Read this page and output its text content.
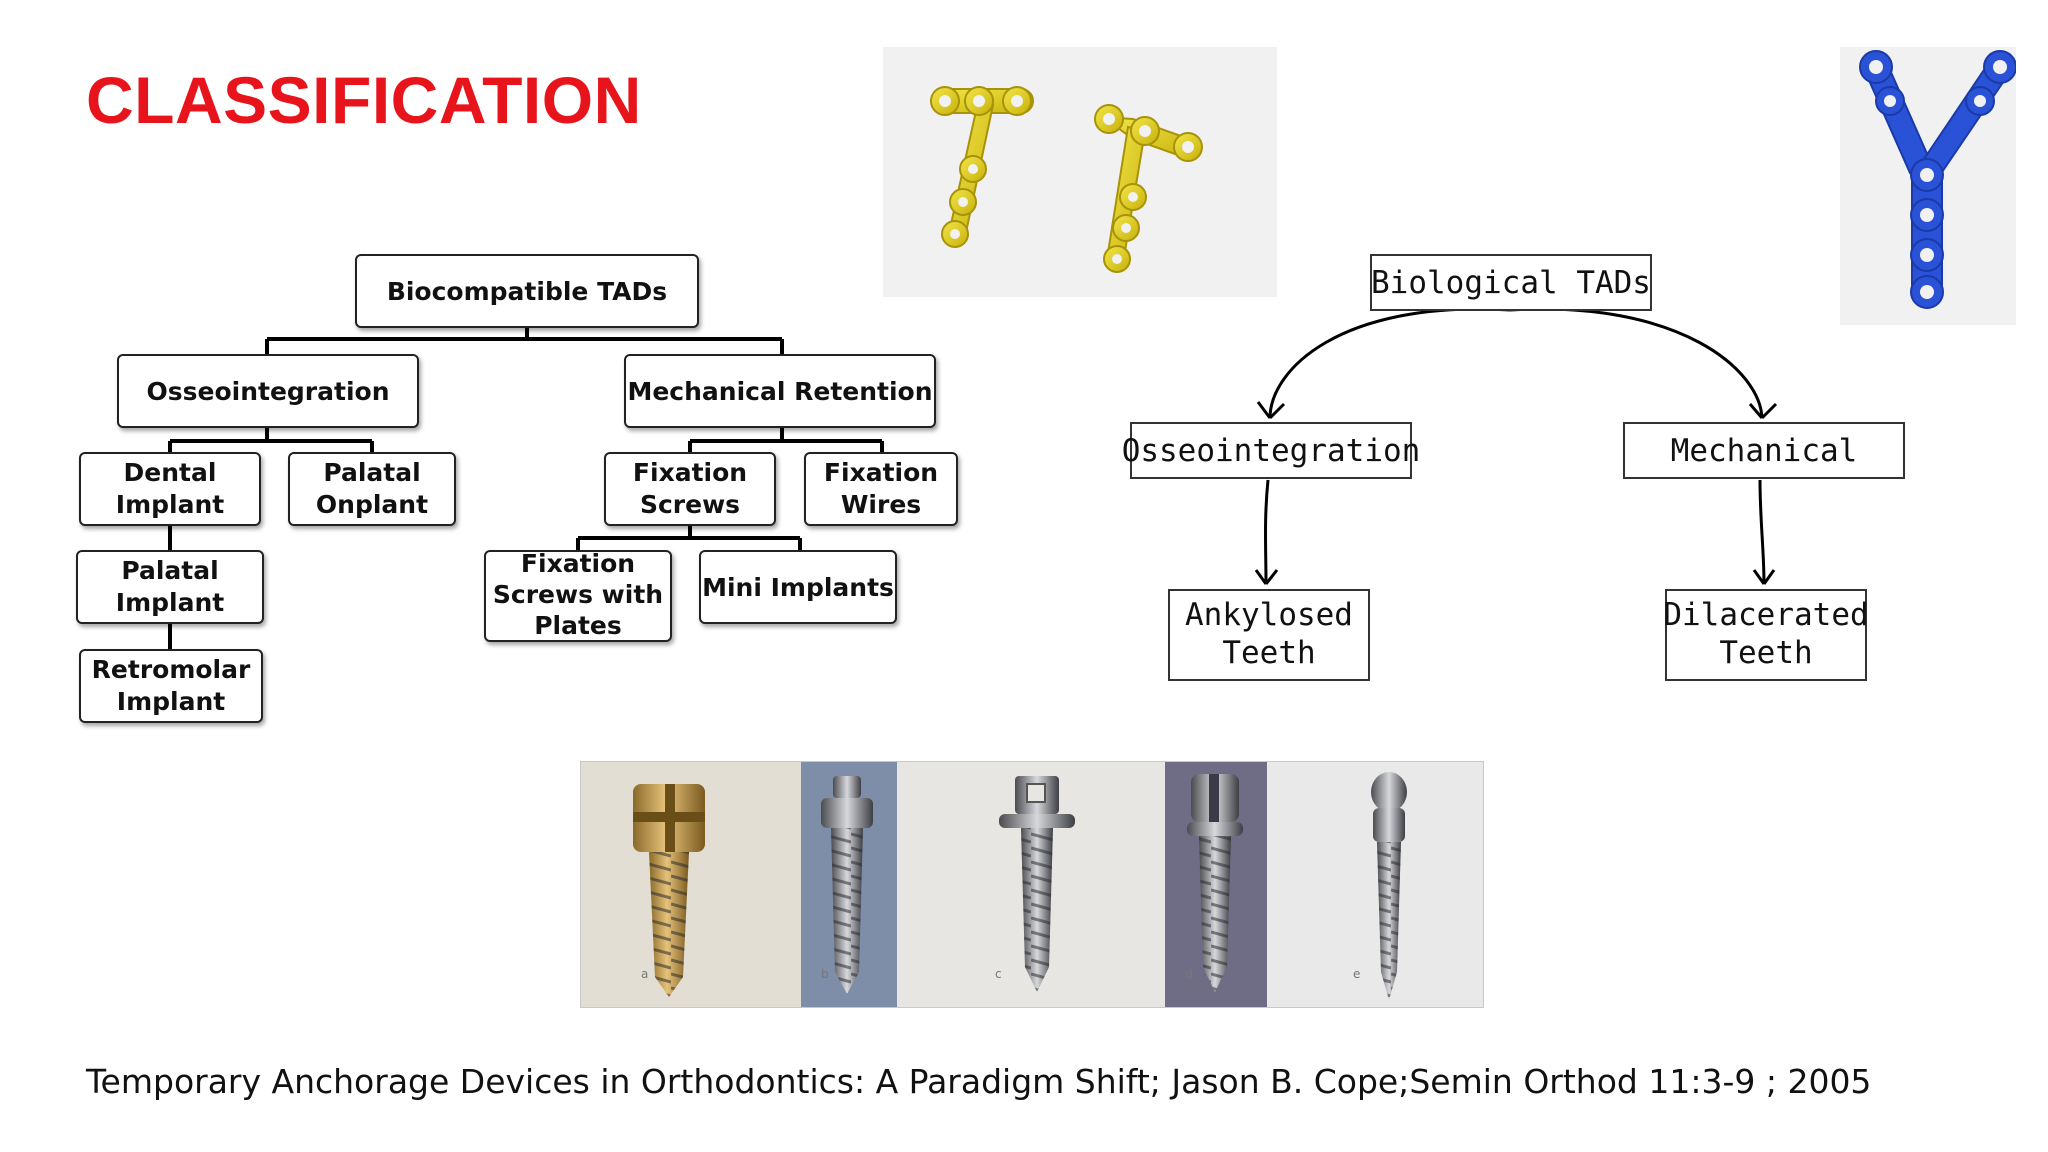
CLASSIFICATION
Biocompatible TADs
Osseointegration	Mechanical Retention
Dental
Implant
Palatal
Onplant
Palatal
Implant
Retromolar
Implant
Fixation
Screws
Fixation
Wires
Fixation
Screws with
Plates
Mini Implants
Biological TADs
Osseointegration	Mechanical
Ankylosed
Teeth
Dilacerated
Teeth
a	b	c	d	e
Temporary Anchorage Devices in Orthodontics: A Paradigm Shift; Jason B. Cope;Semin Orthod 11:3-9 ; 2005
